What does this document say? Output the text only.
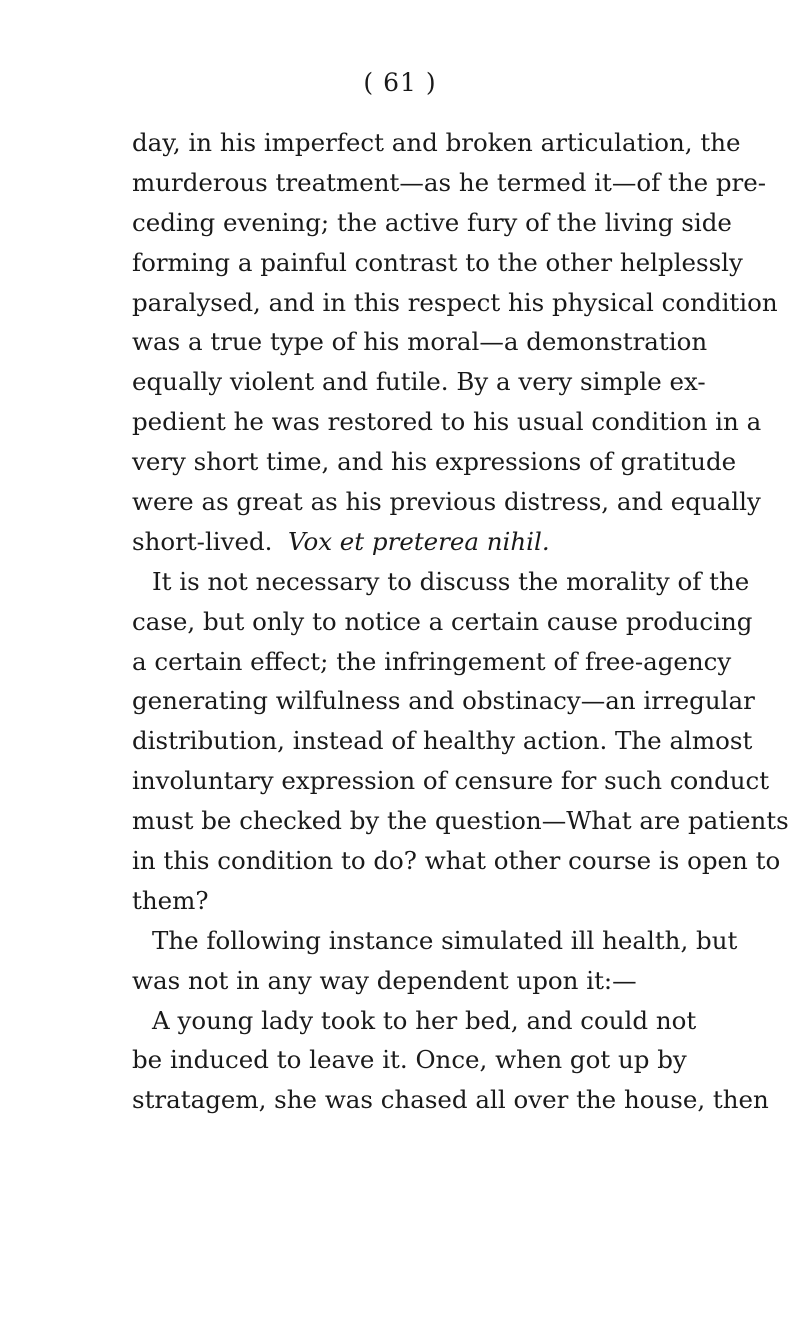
( 61 )
day, in his imperfect and broken articulation, the
murderous treatment—as he termed it—of the pre-
ceding evening; the active fury of the living side
forming a painful contrast to the other helplessly
paralysed, and in this respect his physical condition
was a true type of his moral—a demonstration
equally violent and futile. By a very simple ex-
pedient he was restored to his usual condition in a
very short time, and his expressions of gratitude
were as great as his previous distress, and equally
short-lived. Vox et preterea nihil.
It is not necessary to discuss the morality of the
case, but only to notice a certain cause producing
a certain effect; the infringement of free-agency
generating wilfulness and obstinacy—an irregular
distribution, instead of healthy action. The almost
involuntary expression of censure for such conduct
must be checked by the question—What are patients
in this condition to do? what other course is open to
them?
The following instance simulated ill health, but
was not in any way dependent upon it:—
A young lady took to her bed, and could not
be induced to leave it. Once, when got up by
stratagem, she was chased all over the house, then
